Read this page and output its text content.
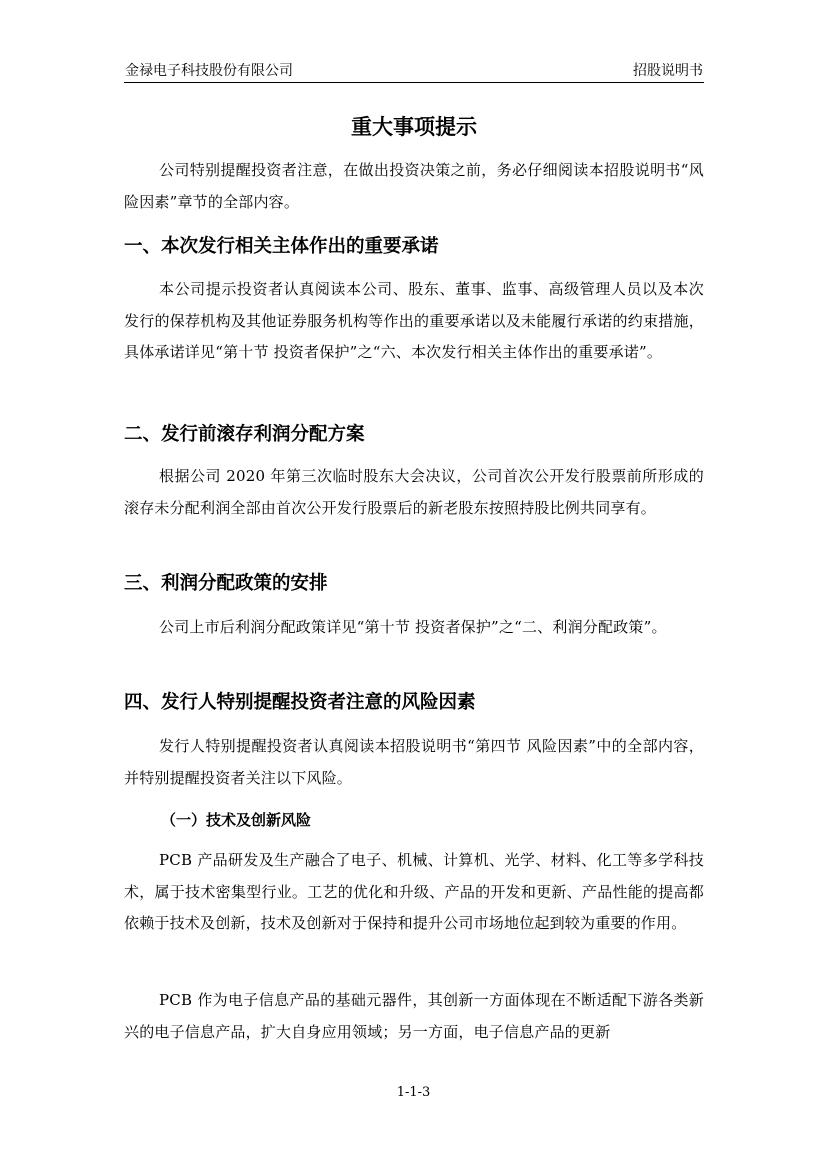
金禄电子科技股份有限公司	招股说明书
重大事项提示

公司特别提醒投资者注意，在做出投资决策之前，务必仔细阅读本招股说明书“风险因素”章节的全部内容。

一、本次发行相关主体作出的重要承诺

本公司提示投资者认真阅读本公司、股东、董事、监事、高级管理人员以及本次发行的保荐机构及其他证券服务机构等作出的重要承诺以及未能履行承诺的约束措施，具体承诺详见“第十节 投资者保护”之“六、本次发行相关主体作出的重要承诺”。

二、发行前滚存利润分配方案

根据公司 2020 年第三次临时股东大会决议，公司首次公开发行股票前所形成的滚存未分配利润全部由首次公开发行股票后的新老股东按照持股比例共同享有。

三、利润分配政策的安排

公司上市后利润分配政策详见“第十节 投资者保护”之“二、利润分配政策”。

四、发行人特别提醒投资者注意的风险因素

发行人特别提醒投资者认真阅读本招股说明书“第四节 风险因素”中的全部内容，并特别提醒投资者关注以下风险。

（一）技术及创新风险

PCB 产品研发及生产融合了电子、机械、计算机、光学、材料、化工等多学科技术，属于技术密集型行业。工艺的优化和升级、产品的开发和更新、产品性能的提高都依赖于技术及创新，技术及创新对于保持和提升公司市场地位起到较为重要的作用。

PCB 作为电子信息产品的基础元器件，其创新一方面体现在不断适配下游各类新兴的电子信息产品，扩大自身应用领域；另一方面，电子信息产品的更新

1-1-3
